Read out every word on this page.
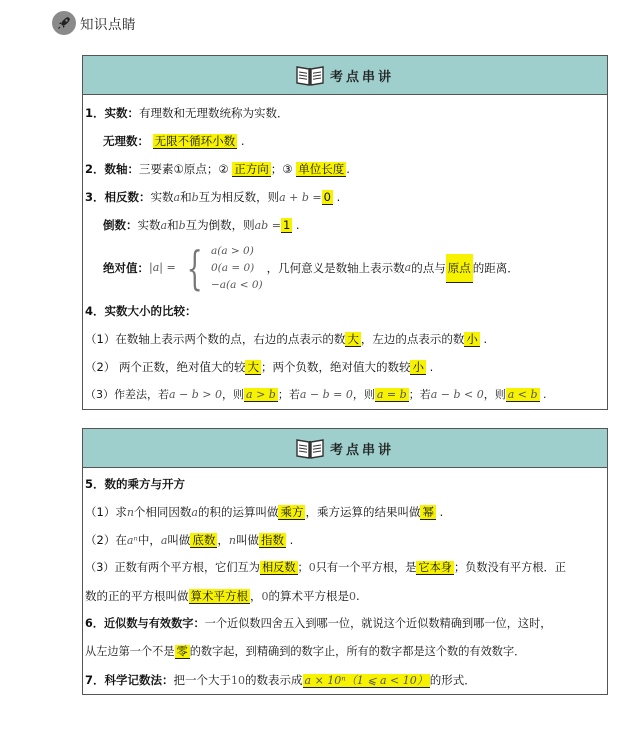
知识点睛
考点串讲
1．实数：有理数和无理数统称为实数．
无理数： 无限不循环小数 .
2．数轴：三要素①原点；② 正方向 ；③ 单位长度 .
3．相反数：实数a和b互为相反数，则a + b = 0 .
倒数：实数a和b互为倒数，则ab = 1 .
绝对值： |a| = { a(a > 0)
0(a = 0)
−a(a < 0)
，几何意义是数轴上表示数 a 的点与 原点 的距离．
4．实数大小的比较：
（1）在数轴上表示两个数的点，右边的点表示的数 大 ，左边的点表示的数 小 .
（2） 两个正数，绝对值大的较 大 ；两个负数，绝对值大的数较 小 .
（3）作差法，若a − b > 0，则 a > b ；若a − b = 0，则 a = b ；若a − b < 0，则 a < b .
考点串讲
5．数的乘方与开方
（1）求n个相同因数a的积的运算叫做 乘方 ，乘方运算的结果叫做 幂 .
（2）在aⁿ中，a叫做 底数 ，n叫做 指数 .
（3）正数有两个平方根，它们互为 相反数 ；0只有一个平方根，是 它本身 ；负数没有平方根．正
数的正的平方根叫做 算术平方根 ，0的算术平方根是0.
6．近似数与有效数字：一个近似数四舍五入到哪一位，就说这个近似数精确到哪一位，这时，
从左边第一个不是 零 的数字起，到精确到的数字止，所有的数字都是这个数的有效数字．
7．科学记数法：把一个大于10的数表示成 a × 10ⁿ（1 ⩽ a < 10） 的形式．
